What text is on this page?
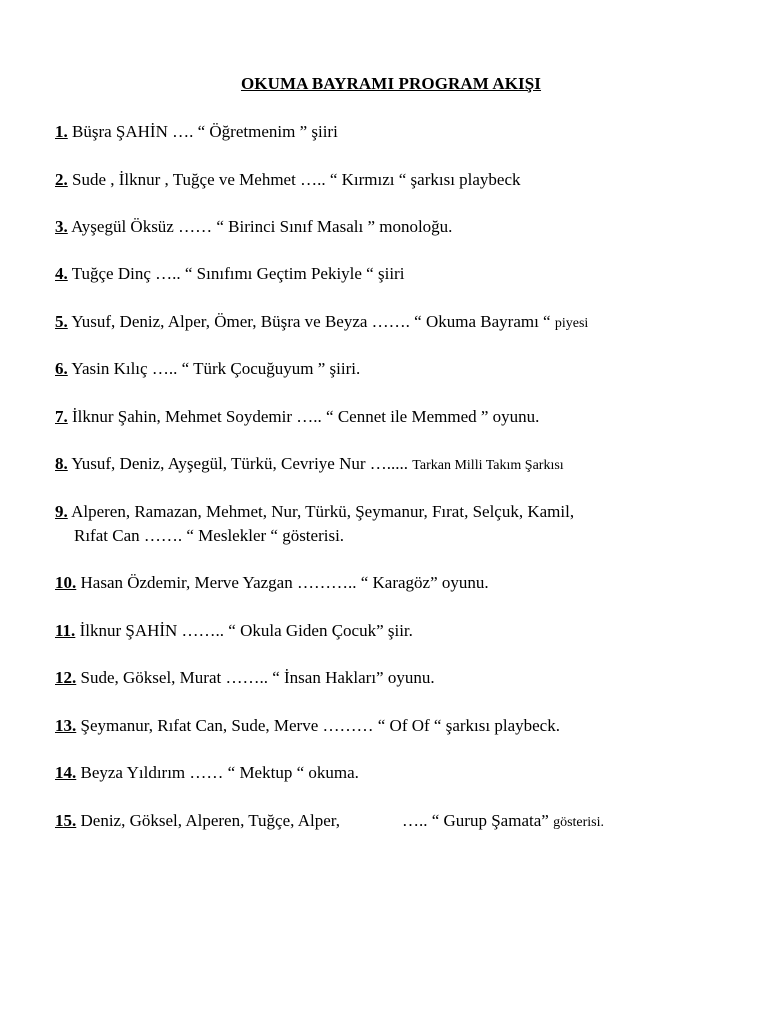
OKUMA BAYRAMI PROGRAM AKIŞI
1. Büşra ŞAHİN …. “ Öğretmenim ” şiiri
2. Sude , İlknur , Tuğçe ve Mehmet ….. “ Kırmızı “ şarkısı playbeck
3. Ayşegül Öksüz …… “ Birinci Sınıf Masalı ” monoloğu.
4. Tuğçe Dinç ….. “ Sınıfımı Geçtim Pekiyle “ şiiri
5. Yusuf, Deniz, Alper, Ömer, Büşra ve Beyza ……. “ Okuma Bayramı “ piyesi
6. Yasin Kılıç ….. “ Türk Çocuğuyum ” şiiri.
7. İlknur Şahin, Mehmet Soydemir ….. “ Cennet ile Memmed ” oyunu.
8. Yusuf, Deniz, Ayşegül, Türkü, Cevriye Nur …..... Tarkan Milli Takım Şarkısı
9. Alperen, Ramazan, Mehmet, Nur, Türkü, Şeymanur, Fırat, Selçuk, Kamil,
Rıfat Can ……. “ Meslekler “ gösterisi.
10. Hasan Özdemir, Merve Yazgan ……….. “ Karagöz” oyunu.
11. İlknur ŞAHİN …….. “ Okula Giden Çocuk” şiir.
12. Sude, Göksel, Murat …….. “ İnsan Hakları” oyunu.
13. Şeymanur, Rıfat Can, Sude, Merve ……… “ Of Of “ şarkısı playbeck.
14. Beyza Yıldırım …… “ Mektup “ okuma.
15. Deniz, Göksel, Alperen, Tuğçe, Alper,	….. “ Gurup Şamata” gösterisi.
